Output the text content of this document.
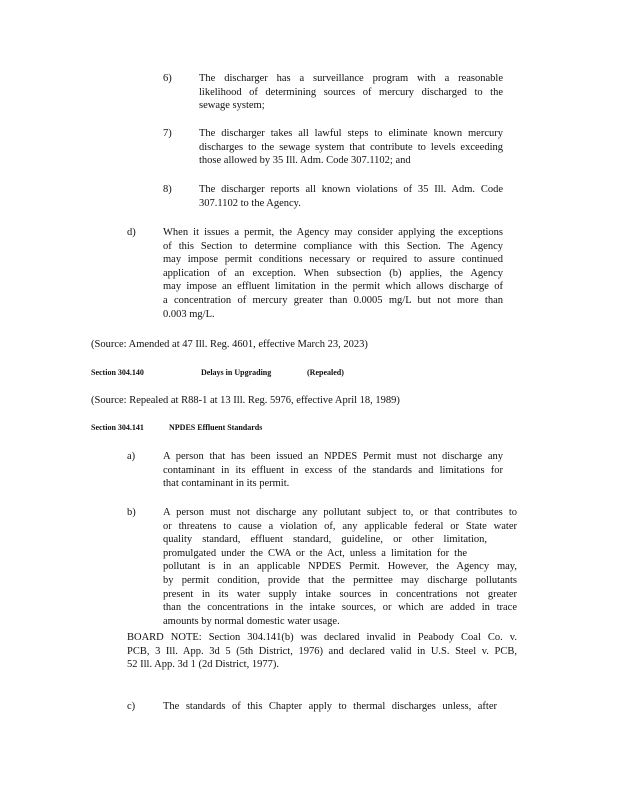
6)	The discharger has a surveillance program with a reasonable
likelihood of determining sources of mercury discharged to the
sewage system;
7)	The discharger takes all lawful steps to eliminate known mercury
discharges to the sewage system that contribute to levels exceeding
those allowed by 35 Ill. Adm. Code 307.1102; and
8)	The discharger reports all known violations of 35 Ill. Adm. Code
307.1102 to the Agency.
d)	When it issues a permit, the Agency may consider applying the exceptions
of this Section to determine compliance with this Section. The Agency
may impose permit conditions necessary or required to assure continued
application of an exception. When subsection (b) applies, the Agency
may impose an effluent limitation in the permit which allows discharge of
a concentration of mercury greater than 0.0005 mg/L but not more than
0.003 mg/L.
(Source: Amended at 47 Ill. Reg. 4601, effective March 23, 2023)
Section 304.140	Delays in Upgrading	(Repealed)
(Source: Repealed at R88-1 at 13 Ill. Reg. 5976, effective April 18, 1989)
Section 304.141	NPDES Effluent Standards
a)	A person that has been issued an NPDES Permit must not discharge any
contaminant in its effluent in excess of the standards and limitations for
that contaminant in its permit.
b)	A person must not discharge any pollutant subject to, or that contributes to
or threatens to cause a violation of, any applicable federal or State water
quality standard, effluent standard, guideline, or other limitation,
promulgated under the CWA or the Act, unless a limitation for the
pollutant is in an applicable NPDES Permit. However, the Agency may,
by permit condition, provide that the permittee may discharge pollutants
present in its water supply intake sources in concentrations not greater
than the concentrations in the intake sources, or which are added in trace
amounts by normal domestic water usage.
BOARD NOTE: Section 304.141(b) was declared invalid in Peabody Coal Co. v.
PCB, 3 Ill. App. 3d 5 (5th District, 1976) and declared valid in U.S. Steel v. PCB,
52 Ill. App. 3d 1 (2d District, 1977).
c)	The standards of this Chapter apply to thermal discharges unless, after
